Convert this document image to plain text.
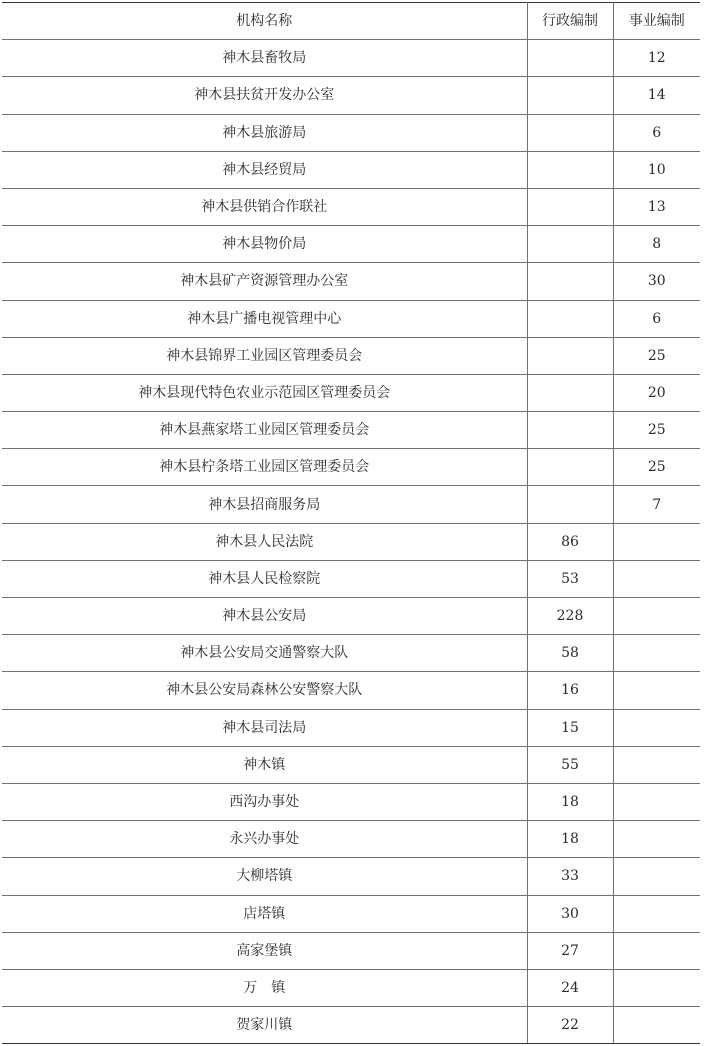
机构名称	行政编制	事业编制
神木县畜牧局		12
神木县扶贫开发办公室		14
神木县旅游局		6
神木县经贸局		10
神木县供销合作联社		13
神木县物价局		8
神木县矿产资源管理办公室		30
神木县广播电视管理中心		6
神木县锦界工业园区管理委员会		25
神木县现代特色农业示范园区管理委员会		20
神木县燕家塔工业园区管理委员会		25
神木县柠条塔工业园区管理委员会		25
神木县招商服务局		7
神木县人民法院	86	
神木县人民检察院	53	
神木县公安局	228	
神木县公安局交通警察大队	58	
神木县公安局森林公安警察大队	16	
神木县司法局	15	
神木镇	55	
西沟办事处	18	
永兴办事处	18	
大柳塔镇	33	
店塔镇	30	
高家堡镇	27	
万　镇	24	
贺家川镇	22	
